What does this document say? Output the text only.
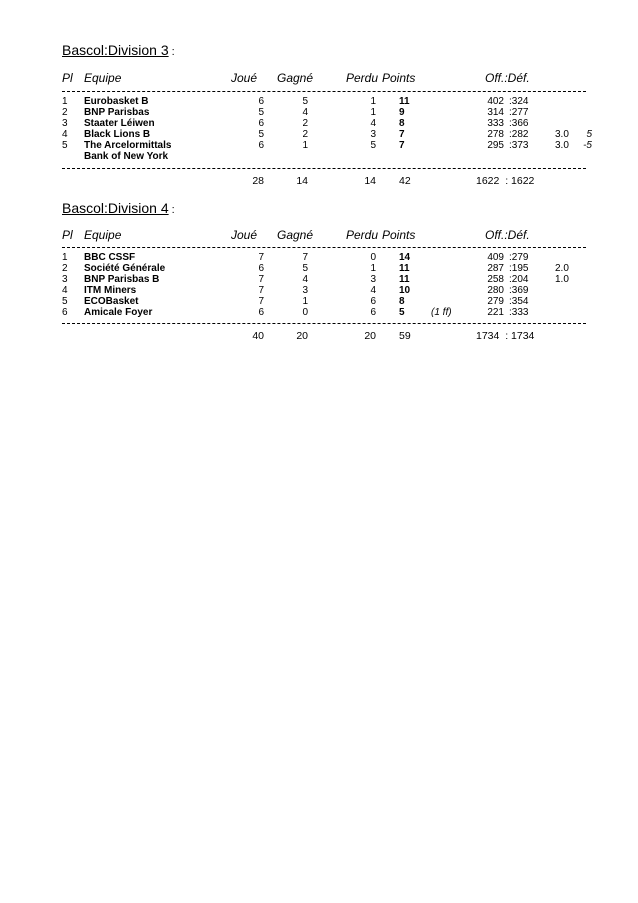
Bascol:Division 3 :
Pl Equipe	Joué Gagné	Perdu Points	Off.:Déf.
1 Eurobasket B	6	5	1 11	402 :324
2 BNP Parisbas	5	4	1 9	314 :277
3 Staater Léiwen	6	2	4 8	333 :366
4 Black Lions B	5	2	3 7	278 :282	3.0	5
5 The Arcelormittals	6	1	5 7	295 :373	3.0	-5
Bank of New York
28	14	14 42	1622  : 1622
Bascol:Division 4 :
Pl Equipe	Joué Gagné	Perdu Points	Off.:Déf.
1 BBC CSSF	7	7	0 14	409 :279
2 Société Générale	6	5	1 11	287 :195	2.0
3 BNP Parisbas B	7	4	3 11	258 :204	1.0
4 ITM Miners	7	3	4 10	280 :369
5 ECOBasket	7	1	6 8	279 :354
6 Amicale Foyer	6	0	6 5	(1 ff)	221 :333
40	20	20 59	1734  : 1734
